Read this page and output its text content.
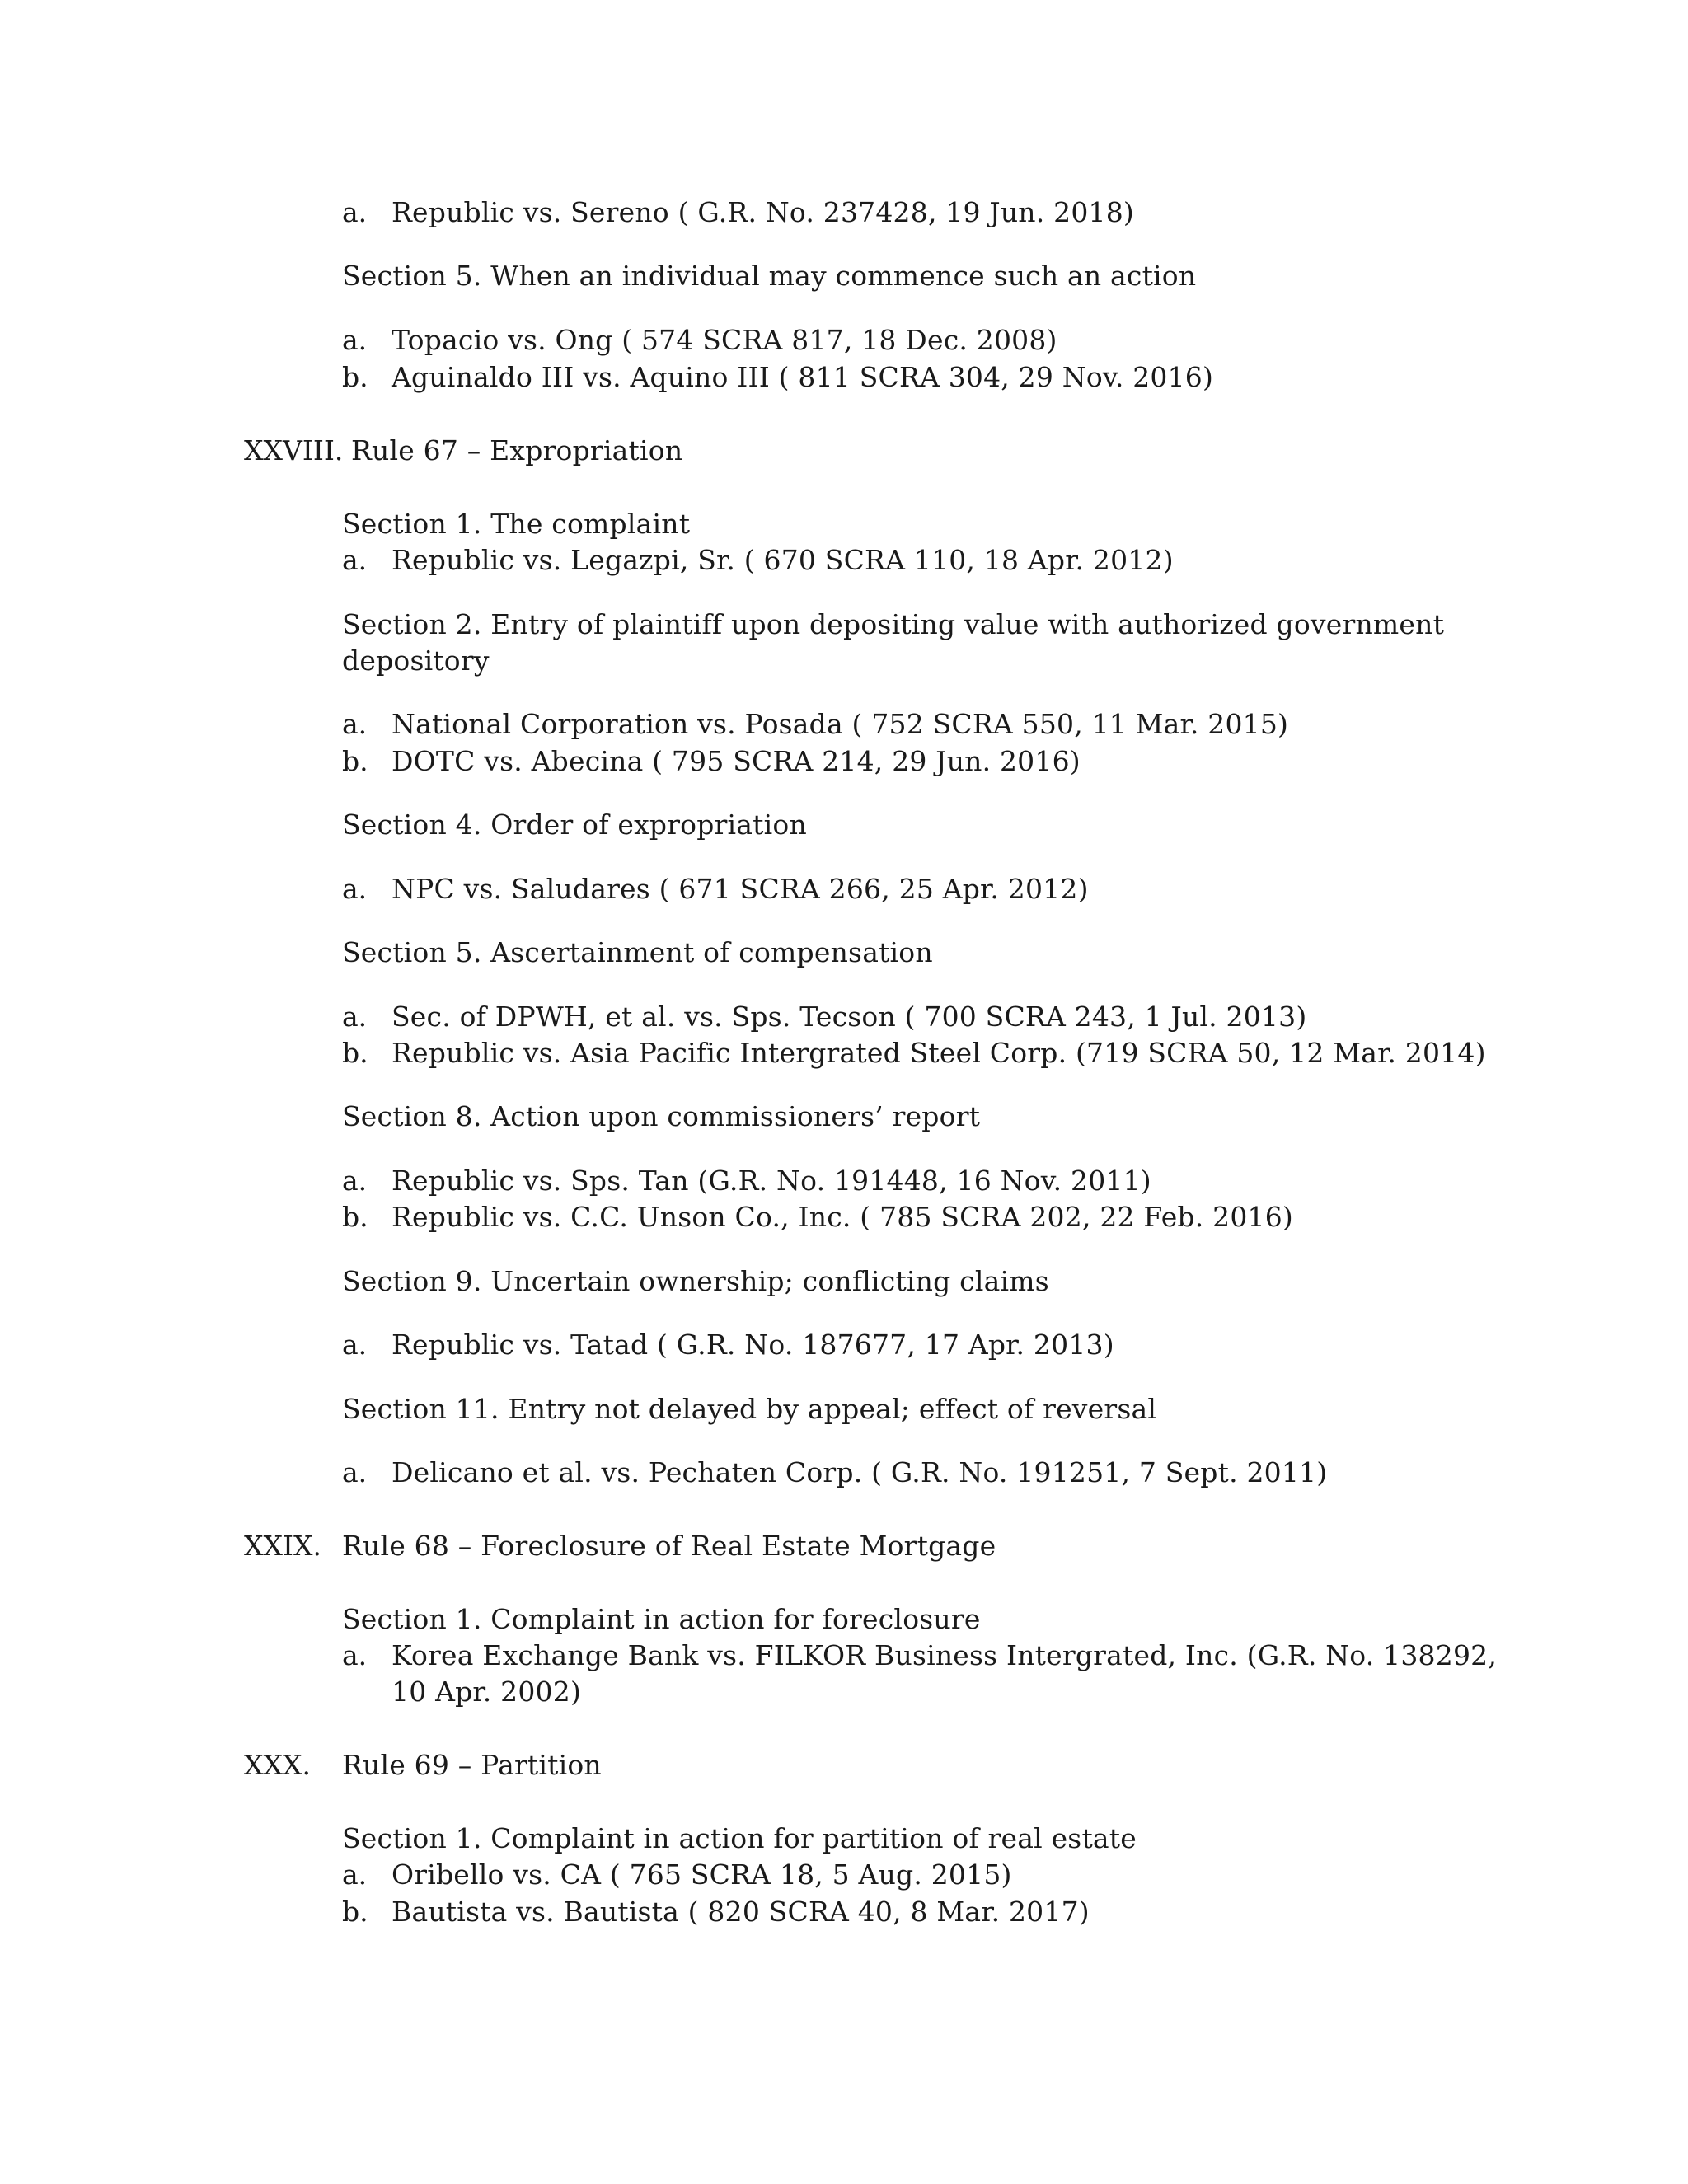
a. Republic vs. Sereno ( G.R. No. 237428, 19 Jun. 2018)
Section 5. When an individual may commence such an action
a. Topacio vs. Ong ( 574 SCRA 817, 18 Dec. 2008)
b. Aguinaldo III vs. Aquino III ( 811 SCRA 304, 29 Nov. 2016)
XXVIII. Rule 67 – Expropriation
Section 1. The complaint
a. Republic vs. Legazpi, Sr. ( 670 SCRA 110, 18 Apr. 2012)
Section 2. Entry of plaintiff upon depositing value with authorized government
depository
a. National Corporation vs. Posada ( 752 SCRA 550, 11 Mar. 2015)
b. DOTC vs. Abecina ( 795 SCRA 214, 29 Jun. 2016)
Section 4. Order of expropriation
a. NPC vs. Saludares ( 671 SCRA 266, 25 Apr. 2012)
Section 5. Ascertainment of compensation
a. Sec. of DPWH, et al. vs. Sps. Tecson ( 700 SCRA 243, 1 Jul. 2013)
b. Republic vs. Asia Pacific Intergrated Steel Corp. (719 SCRA 50, 12 Mar. 2014)
Section 8. Action upon commissioners’ report
a. Republic vs. Sps. Tan (G.R. No. 191448, 16 Nov. 2011)
b. Republic vs. C.C. Unson Co., Inc. ( 785 SCRA 202, 22 Feb. 2016)
Section 9. Uncertain ownership; conflicting claims
a. Republic vs. Tatad ( G.R. No. 187677, 17 Apr. 2013)
Section 11. Entry not delayed by appeal; effect of reversal
a. Delicano et al. vs. Pechaten Corp. ( G.R. No. 191251, 7 Sept. 2011)
XXIX. Rule 68 – Foreclosure of Real Estate Mortgage
Section 1. Complaint in action for foreclosure
a. Korea Exchange Bank vs. FILKOR Business Intergrated, Inc. (G.R. No. 138292,
10 Apr. 2002)
XXX. Rule 69 – Partition
Section 1. Complaint in action for partition of real estate
a. Oribello vs. CA ( 765 SCRA 18, 5 Aug. 2015)
b. Bautista vs. Bautista ( 820 SCRA 40, 8 Mar. 2017)
